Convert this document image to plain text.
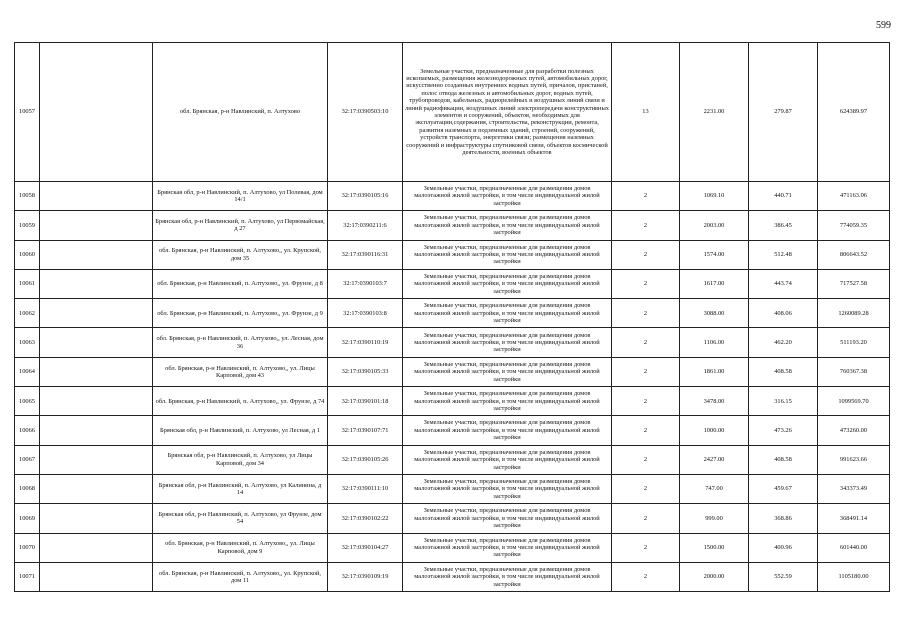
599
10057		обл. Брянская, р-н Навлинский, п. Алтухово	32:17:0390503:10	Земельные участки, предназначенные для разработки полезных ископаемых, размещения железнодорожных путей, автомобильных дорог, искусственно созданных внутренних водных путей, причалов, пристаней, полос отвода железных и автомобильных дорог, водных путей, трубопроводов, кабельных, радиорелейных и воздушных линий связи и линий радиофикации, воздушных линий электропередачи конструктивных элементов и сооружений, объектов, необходимых для эксплуатации,содержания, строительства, реконструкции, ремонта, развития наземных и подземных зданий, строений, сооружений, устройств транспорта, энергетики связи; размещения наземных сооружений и инфраструктуры спутниковой связи, объектов космической деятельности, военных объектов	13	2231.00	279.87	624389.97
10058		Брянская обл, р-н Навлинский, п. Алтухово, ул Полевая, дом 14/1	32:17:0390105:16	Земельные участки, предназначенные для размещения домов малоэтажной жилой застройки, в том числе индивидуальной жилой застройки	2	1069.10	440.71	471163.06
10059		Брянская обл, р-н Навлинский, п. Алтухово, ул Первомайская, д 27	32:17:0390211:6	Земельные участки, предназначенные для размещения домов малоэтажной жилой застройки, в том числе индивидуальной жилой застройки	2	2003.00	386.45	774059.35
10060		обл. Брянская, р-н Навлинский, п. Алтухово,, ул. Крупской, дом 35	32:17:0390116:31	Земельные участки, предназначенные для размещения домов малоэтажной жилой застройки, в том числе индивидуальной жилой застройки	2	1574.00	512.48	806643.52
10061		обл. Брянская, р-н Навлинский, п. Алтухово,, ул. Фрунзе, д 8	32:17:0390103:7	Земельные участки, предназначенные для размещения домов малоэтажной жилой застройки, в том числе индивидуальной жилой застройки	2	1617.00	443.74	717527.58
10062		обл. Брянская, р-н Навлинский, п. Алтухово,, ул. Фрунзе, д 9	32:17:0390103:8	Земельные участки, предназначенные для размещения домов малоэтажной жилой застройки, в том числе индивидуальной жилой застройки	2	3088.00	408.06	1260089.28
10063		обл. Брянская, р-н Навлинский, п. Алтухово,, ул. Лесная, дом 36	32:17:0390110:19	Земельные участки, предназначенные для размещения домов малоэтажной жилой застройки, в том числе индивидуальной жилой застройки	2	1106.00	462.20	511193.20
10064		обл. Брянская, р-н Навлинский, п. Алтухово,, ул. Лицы Карповой, дом 43	32:17:0390105:33	Земельные участки, предназначенные для размещения домов малоэтажной жилой застройки, в том числе индивидуальной жилой застройки	2	1861.00	408.58	760367.38
10065		обл. Брянская, р-н Навлинский, п. Алтухово,, ул. Фрунзе, д 74	32:17:0390101:18	Земельные участки, предназначенные для размещения домов малоэтажной жилой застройки, в том числе индивидуальной жилой застройки	2	3478.00	316.15	1099569.70
10066		Брянская обл, р-н Навлинский, п. Алтухово, ул Лесная, д 1	32:17:0390107:71	Земельные участки, предназначенные для размещения домов малоэтажной жилой застройки, в том числе индивидуальной жилой застройки	2	1000.00	473.26	473260.00
10067		Брянская обл, р-н Навлинский, п. Алтухово, ул Лицы Карповой, дом 34	32:17:0390105:26	Земельные участки, предназначенные для размещения домов малоэтажной жилой застройки, в том числе индивидуальной жилой застройки	2	2427.00	408.58	991623.66
10068		Брянская обл, р-н Навлинский, п. Алтухово, ул Калинина, д 14	32:17:0390111:10	Земельные участки, предназначенные для размещения домов малоэтажной жилой застройки, в том числе индивидуальной жилой застройки	2	747.00	459.67	343373.49
10069		Брянская обл, р-н Навлинский, п. Алтухово, ул Фрунзе, дом 54	32:17:0390102:22	Земельные участки, предназначенные для размещения домов малоэтажной жилой застройки, в том числе индивидуальной жилой застройки	2	999.00	368.86	368491.14
10070		обл. Брянская, р-н Навлинский, п. Алтухово,, ул. Лицы Карповой, дом 9	32:17:0390104:27	Земельные участки, предназначенные для размещения домов малоэтажной жилой застройки, в том числе индивидуальной жилой застройки	2	1500.00	400.96	601440.00
10071		обл. Брянская, р-н Навлинский, п. Алтухово,, ул. Крупской, дом 11	32:17:0390109:19	Земельные участки, предназначенные для размещения домов малоэтажной жилой застройки, в том числе индивидуальной жилой застройки	2	2000.00	552.59	1105180.00
